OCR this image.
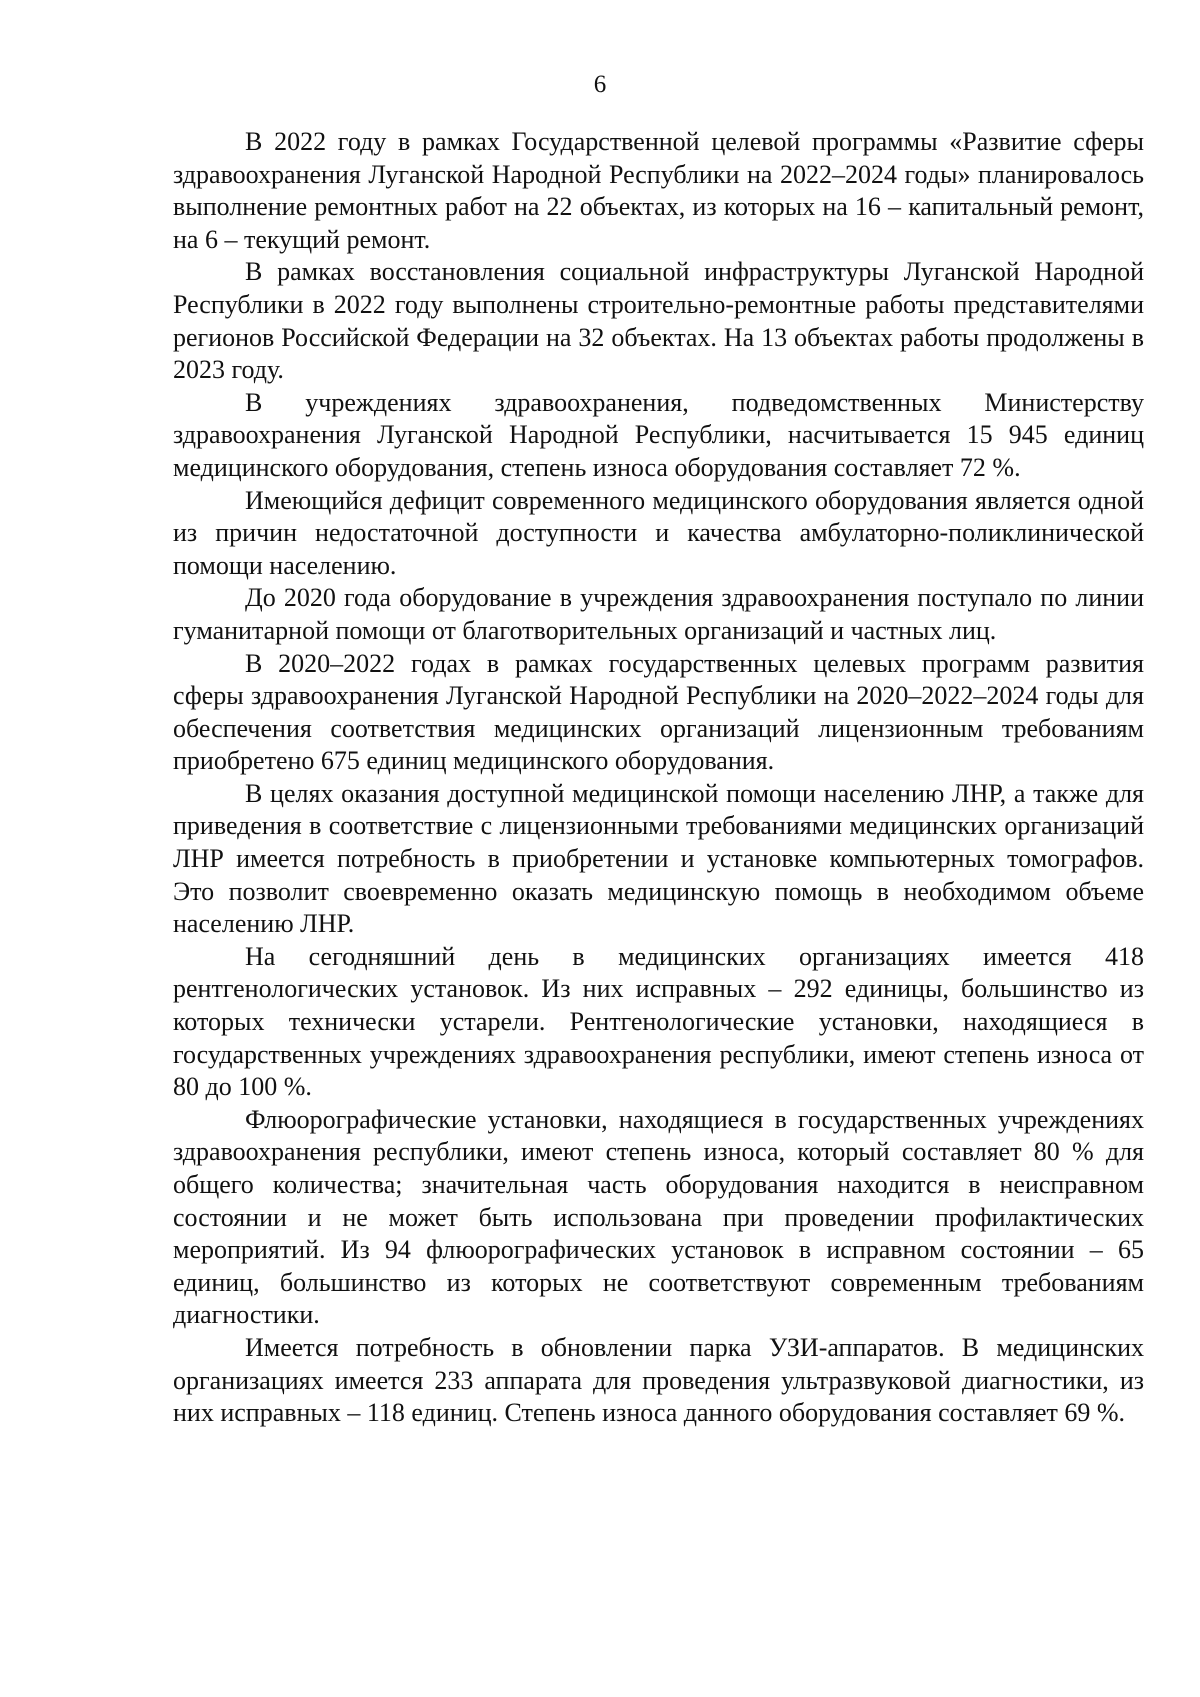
6

В 2022 году в рамках Государственной целевой программы «Развитие сферы здравоохранения Луганской Народной Республики на 2022–2024 годы» планировалось выполнение ремонтных работ на 22 объектах, из которых на 16 – капитальный ремонт, на 6 – текущий ремонт.

В рамках восстановления социальной инфраструктуры Луганской Народной Республики в 2022 году выполнены строительно-ремонтные работы представителями регионов Российской Федерации на 32 объектах. На 13 объектах работы продолжены в 2023 году.

В учреждениях здравоохранения, подведомственных Министерству здравоохранения Луганской Народной Республики, насчитывается 15 945 единиц медицинского оборудования, степень износа оборудования составляет 72 %.

Имеющийся дефицит современного медицинского оборудования является одной из причин недостаточной доступности и качества амбулаторно-поликлинической помощи населению.

До 2020 года оборудование в учреждения здравоохранения поступало по линии гуманитарной помощи от благотворительных организаций и частных лиц.

В 2020–2022 годах в рамках государственных целевых программ развития сферы здравоохранения Луганской Народной Республики на 2020–2022–2024 годы для обеспечения соответствия медицинских организаций лицензионным требованиям приобретено 675 единиц медицинского оборудования.

В целях оказания доступной медицинской помощи населению ЛНР, а также для приведения в соответствие с лицензионными требованиями медицинских организаций ЛНР имеется потребность в приобретении и установке компьютерных томографов. Это позволит своевременно оказать медицинскую помощь в необходимом объеме населению ЛНР.

На сегодняшний день в медицинских организациях имеется 418 рентгенологических установок. Из них исправных – 292 единицы, большинство из которых технически устарели. Рентгенологические установки, находящиеся в государственных учреждениях здравоохранения республики, имеют степень износа от 80 до 100 %.

Флюорографические установки, находящиеся в государственных учреждениях здравоохранения республики, имеют степень износа, который составляет 80 % для общего количества; значительная часть оборудования находится в неисправном состоянии и не может быть использована при проведении профилактических мероприятий. Из 94 флюорографических установок в исправном состоянии – 65 единиц, большинство из которых не соответствуют современным требованиям диагностики.

Имеется потребность в обновлении парка УЗИ-аппаратов. В медицинских организациях имеется 233 аппарата для проведения ультразвуковой диагностики, из них исправных – 118 единиц. Степень износа данного оборудования составляет 69 %.
